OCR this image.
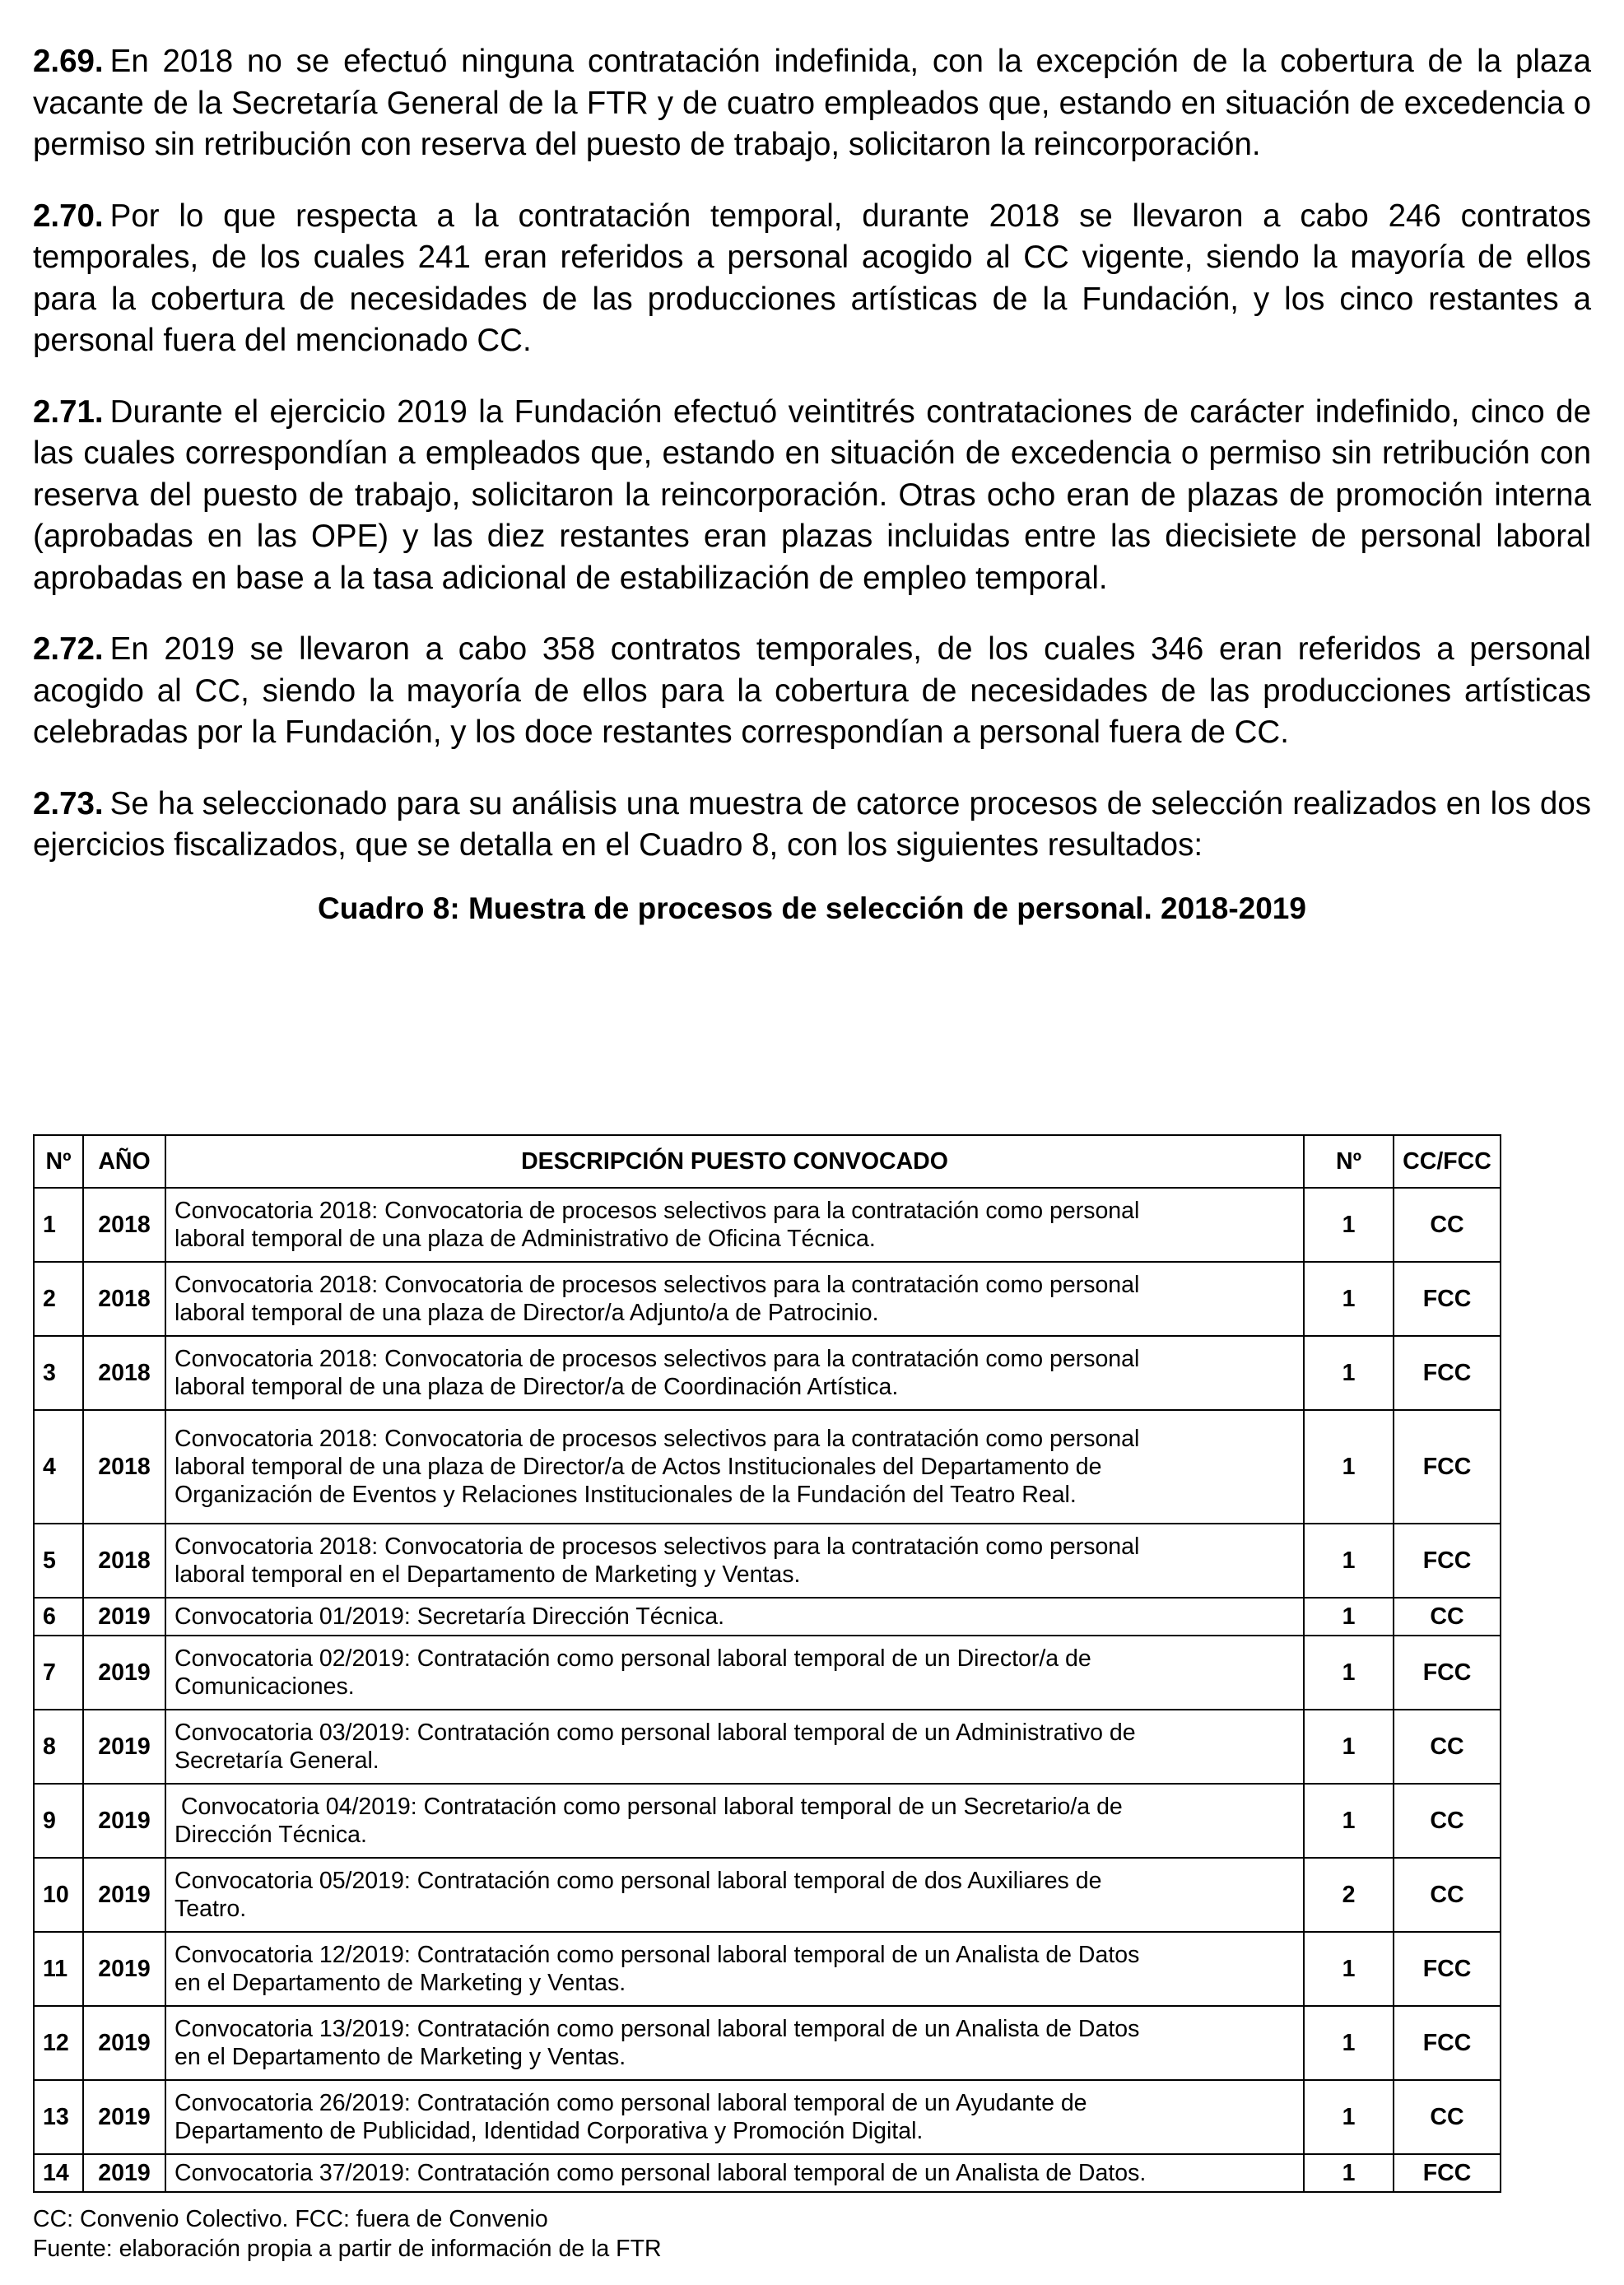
2.69. En 2018 no se efectuó ninguna contratación indefinida, con la excepción de la cobertura de la plaza vacante de la Secretaría General de la FTR y de cuatro empleados que, estando en situación de excedencia o permiso sin retribución con reserva del puesto de trabajo, solicitaron la reincorporación.

2.70. Por lo que respecta a la contratación temporal, durante 2018 se llevaron a cabo 246 contratos temporales, de los cuales 241 eran referidos a personal acogido al CC vigente, siendo la mayoría de ellos para la cobertura de necesidades de las producciones artísticas de la Fundación, y los cinco restantes a personal fuera del mencionado CC.

2.71. Durante el ejercicio 2019 la Fundación efectuó veintitrés contrataciones de carácter indefinido, cinco de las cuales correspondían a empleados que, estando en situación de excedencia o permiso sin retribución con reserva del puesto de trabajo, solicitaron la reincorporación. Otras ocho eran de plazas de promoción interna (aprobadas en las OPE) y las diez restantes eran plazas incluidas entre las diecisiete de personal laboral aprobadas en base a la tasa adicional de estabilización de empleo temporal.

2.72. En 2019 se llevaron a cabo 358 contratos temporales, de los cuales 346 eran referidos a personal acogido al CC, siendo la mayoría de ellos para la cobertura de necesidades de las producciones artísticas celebradas por la Fundación, y los doce restantes correspondían a personal fuera de CC.

2.73. Se ha seleccionado para su análisis una muestra de catorce procesos de selección realizados en los dos ejercicios fiscalizados, que se detalla en el Cuadro 8, con los siguientes resultados:

Cuadro 8: Muestra de procesos de selección de personal. 2018-2019
Nº	AÑO	DESCRIPCIÓN PUESTO CONVOCADO	Nº	CC/FCC
1	2018	Convocatoria 2018: Convocatoria de procesos selectivos para la contratación como personal
laboral temporal de una plaza de Administrativo de Oficina Técnica.	1	CC
2	2018	Convocatoria 2018: Convocatoria de procesos selectivos para la contratación como personal
laboral temporal de una plaza de Director/a Adjunto/a de Patrocinio.	1	FCC
3	2018	Convocatoria 2018: Convocatoria de procesos selectivos para la contratación como personal
laboral temporal de una plaza de Director/a de Coordinación Artística.	1	FCC
4	2018	Convocatoria 2018: Convocatoria de procesos selectivos para la contratación como personal
laboral temporal de una plaza de Director/a de Actos Institucionales del Departamento de
Organización de Eventos y Relaciones Institucionales de la Fundación del Teatro Real.	1	FCC
5	2018	Convocatoria 2018: Convocatoria de procesos selectivos para la contratación como personal
laboral temporal en el Departamento de Marketing y Ventas.	1	FCC
6	2019	Convocatoria 01/2019: Secretaría Dirección Técnica.	1	CC
7	2019	Convocatoria 02/2019: Contratación como personal laboral temporal de un Director/a de
Comunicaciones.	1	FCC
8	2019	Convocatoria 03/2019: Contratación como personal laboral temporal de un Administrativo de
Secretaría General.	1	CC
9	2019	Convocatoria 04/2019: Contratación como personal laboral temporal de un Secretario/a de
Dirección Técnica.	1	CC
10	2019	Convocatoria 05/2019: Contratación como personal laboral temporal de dos Auxiliares de
Teatro.	2	CC
11	2019	Convocatoria 12/2019: Contratación como personal laboral temporal de un Analista de Datos
en el Departamento de Marketing y Ventas.	1	FCC
12	2019	Convocatoria 13/2019: Contratación como personal laboral temporal de un Analista de Datos
en el Departamento de Marketing y Ventas.	1	FCC
13	2019	Convocatoria 26/2019: Contratación como personal laboral temporal de un Ayudante de
Departamento de Publicidad, Identidad Corporativa y Promoción Digital.	1	CC
14	2019	Convocatoria 37/2019: Contratación como personal laboral temporal de un Analista de Datos.	1	FCC
CC: Convenio Colectivo. FCC: fuera de Convenio
Fuente: elaboración propia a partir de información de la FTR
